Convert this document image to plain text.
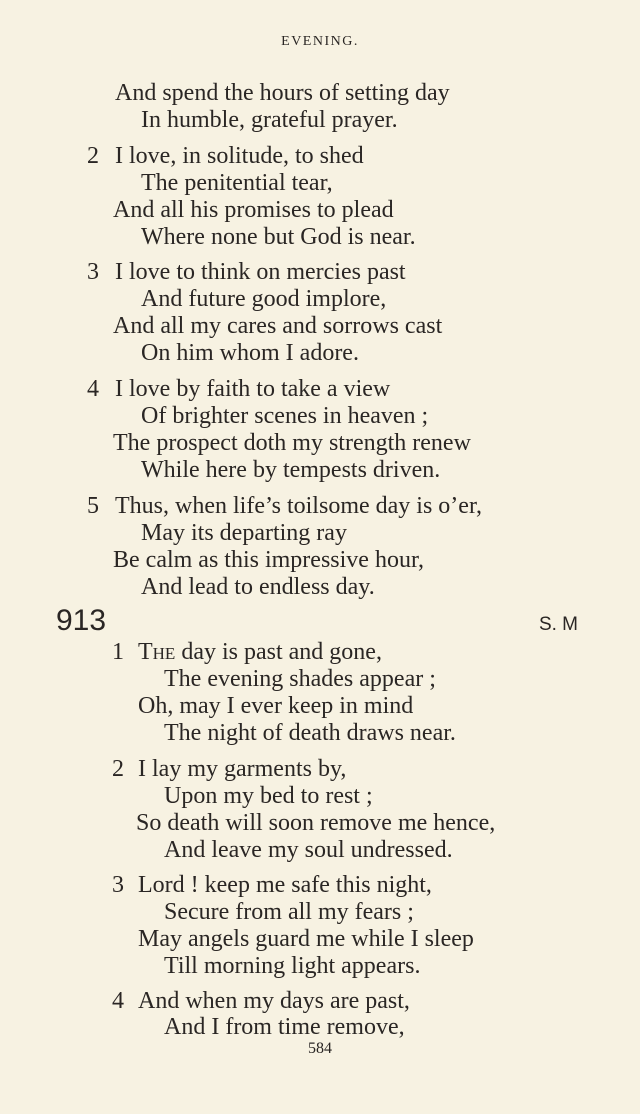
EVENING.
And spend the hours of setting day
In humble, grateful prayer.
2 I love, in solitude, to shed
The penitential tear,
And all his promises to plead
Where none but God is near.
3 I love to think on mercies past
And future good implore,
And all my cares and sorrows cast
On him whom I adore.
4 I love by faith to take a view
Of brighter scenes in heaven ;
The prospect doth my strength renew
While here by tempests driven.
5 Thus, when life’s toilsome day is o’er,
May its departing ray
Be calm as this impressive hour,
And lead to endless day.
913	S. M
1 The day is past and gone,
The evening shades appear ;
Oh, may I ever keep in mind
The night of death draws near.
2 I lay my garments by,
Upon my bed to rest ;
So death will soon remove me hence,
And leave my soul undressed.
3 Lord ! keep me safe this night,
Secure from all my fears ;
May angels guard me while I sleep
Till morning light appears.
4 And when my days are past,
And I from time remove,
584
